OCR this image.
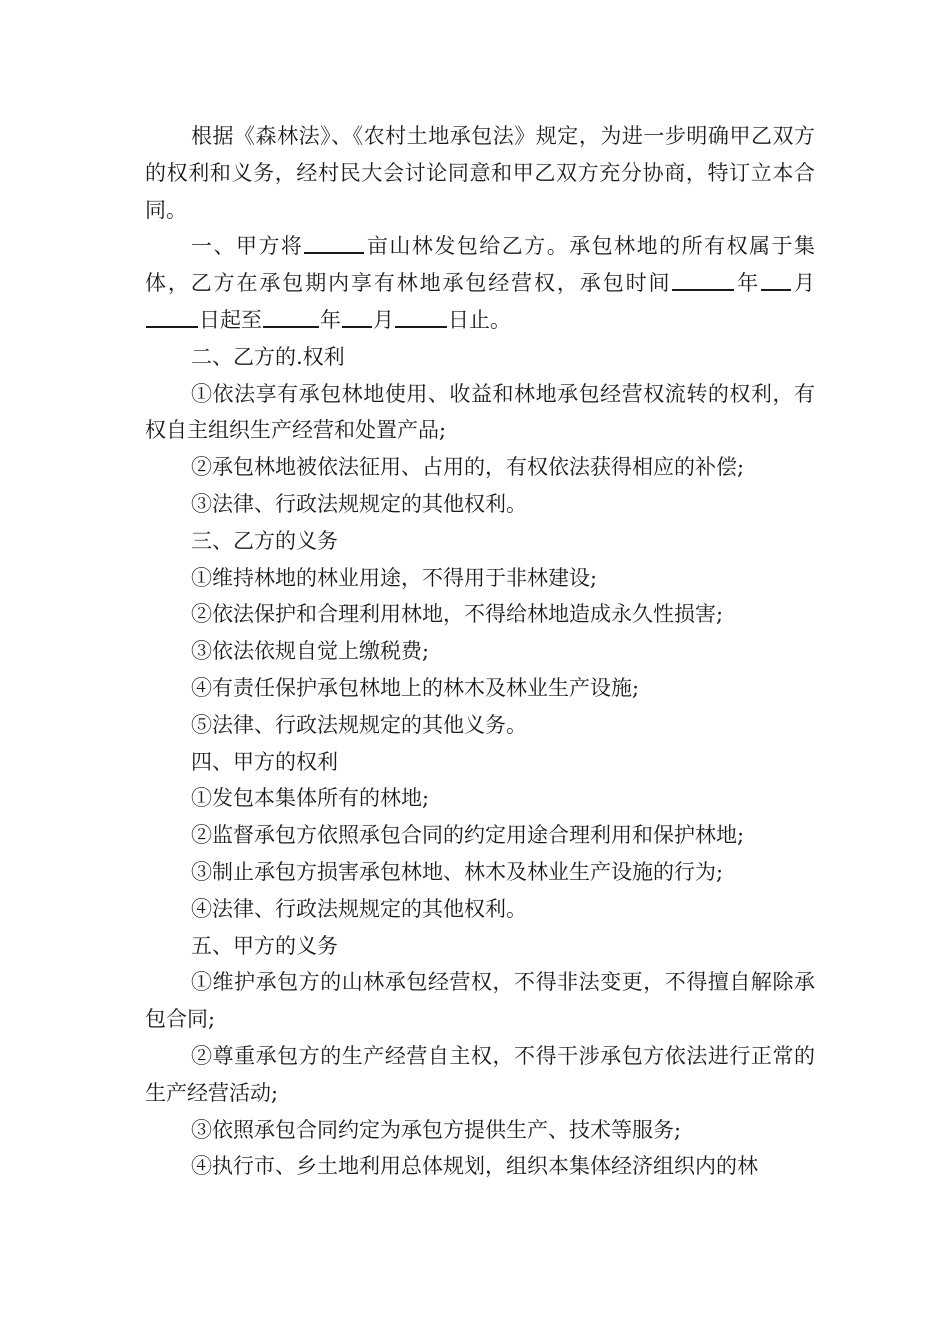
根据《森林法》、《农村土地承包法》规定，为进一步明确甲乙双方的权利和义务，经村民大会讨论同意和甲乙双方充分协商，特订立本合同。

一、甲方将	亩山林发包给乙方。承包林地的所有权属于集体，乙方在承包期内享有林地承包经营权，承包时间	年 月日起至	年 月	日止。

二、乙方的.权利

①依法享有承包林地使用、收益和林地承包经营权流转的权利，有权自主组织生产经营和处置产品;

②承包林地被依法征用、占用的，有权依法获得相应的补偿;

③法律、行政法规规定的其他权利。

三、乙方的义务

①维持林地的林业用途，不得用于非林建设;

②依法保护和合理利用林地，不得给林地造成永久性损害;

③依法依规自觉上缴税费;

④有责任保护承包林地上的林木及林业生产设施;

⑤法律、行政法规规定的其他义务。

四、甲方的权利

①发包本集体所有的林地;

②监督承包方依照承包合同的约定用途合理利用和保护林地;

③制止承包方损害承包林地、林木及林业生产设施的行为;

④法律、行政法规规定的其他权利。

五、甲方的义务

①维护承包方的山林承包经营权，不得非法变更，不得擅自解除承包合同;

②尊重承包方的生产经营自主权，不得干涉承包方依法进行正常的生产经营活动;

③依照承包合同约定为承包方提供生产、技术等服务;

④执行市、乡土地利用总体规划，组织本集体经济组织内的林
